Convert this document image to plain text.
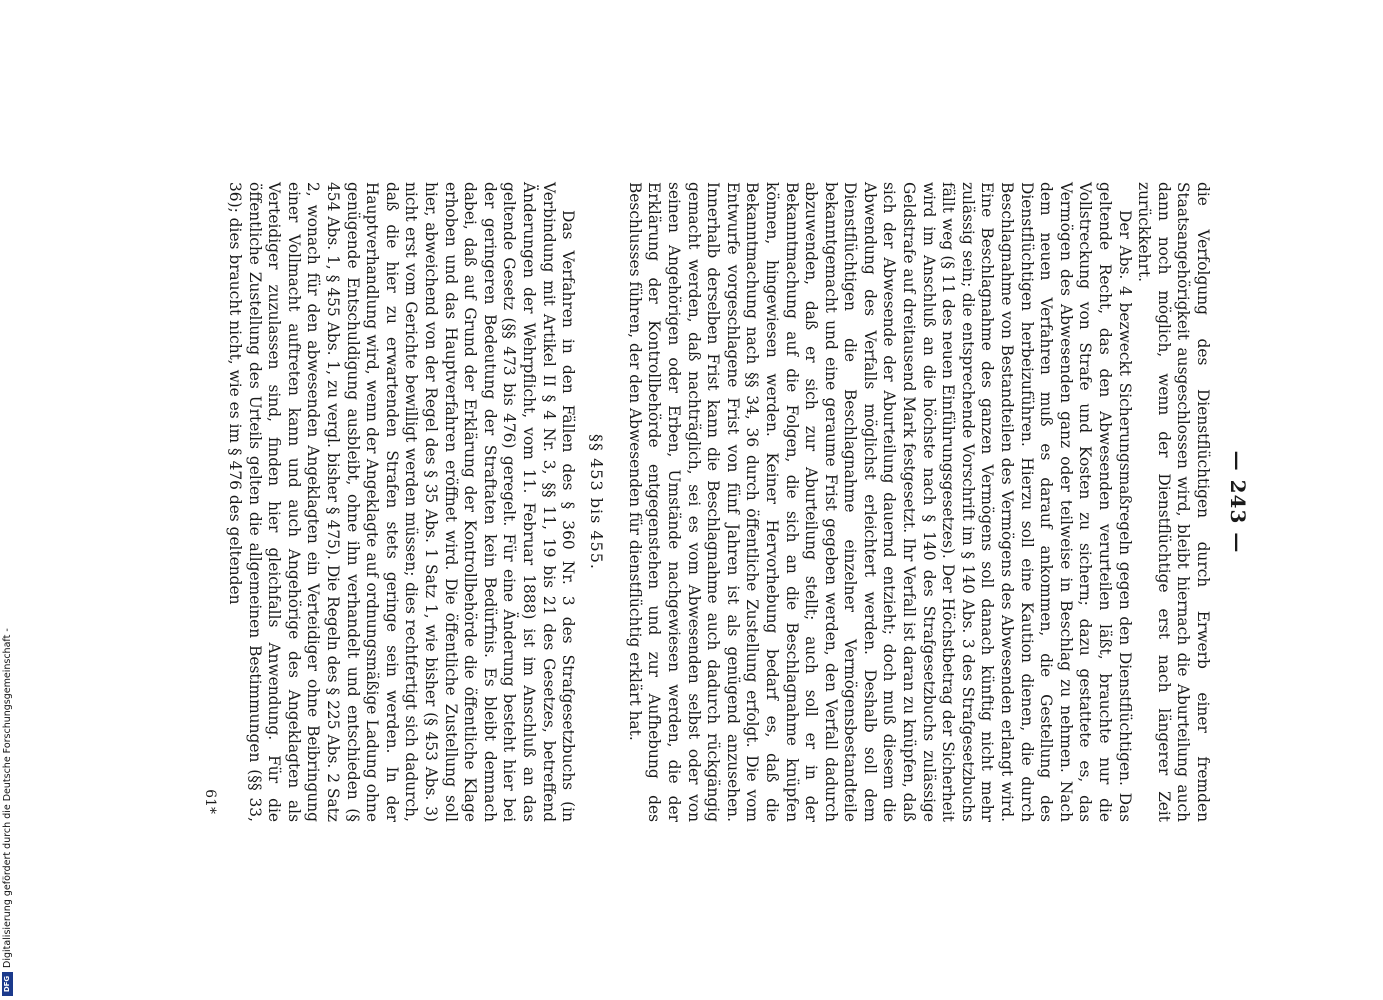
— 243 —

die Verfolgung des Dienstflüchtigen durch Erwerb einer fremden Staatsangehörigkeit ausgeschlossen wird, bleibt hiernach die Aburteilung auch dann noch möglich, wenn der Dienstflüchtige erst nach längerer Zeit zurückkehrt.

Der Abs. 4 bezweckt Sicherungsmaßregeln gegen den Dienstflüchtigen. Das geltende Recht, das den Abwesenden verurteilen läßt, brauchte nur die Vollstreckung von Strafe und Kosten zu sichern; dazu gestattete es, das Vermögen des Abwesenden ganz oder teilweise in Beschlag zu nehmen. Nach dem neuen Verfahren muß es darauf ankommen, die Gestellung des Dienstflüchtigen herbeizuführen. Hierzu soll eine Kaution dienen, die durch Beschlagnahme von Bestandteilen des Vermögens des Abwesenden erlangt wird. Eine Beschlagnahme des ganzen Vermögens soll danach künftig nicht mehr zulässig sein; die entsprechende Vorschrift im § 140 Abs. 3 des Strafgesetzbuchs fällt weg (§ 11 des neuen Einführungsgesetzes). Der Höchstbetrag der Sicherheit wird im Anschluß an die höchste nach § 140 des Strafgesetzbuchs zulässige Geldstrafe auf dreitausend Mark festgesetzt. Ihr Verfall ist daran zu knüpfen, daß sich der Abwesende der Aburteilung dauernd entzieht; doch muß diesem die Abwendung des Verfalls möglichst erleichtert werden. Deshalb soll dem Dienstflüchtigen die Beschlagnahme einzelner Vermögensbestandteile bekanntgemacht und eine geraume Frist gegeben werden, den Verfall dadurch abzuwenden, daß er sich zur Aburteilung stellt; auch soll er in der Bekanntmachung auf die Folgen, die sich an die Beschlagnahme knüpfen können, hingewiesen werden. Keiner Hervorhebung bedarf es, daß die Bekanntmachung nach §§ 34, 36 durch öffentliche Zustellung erfolgt. Die vom Entwurfe vorgeschlagene Frist von fünf Jahren ist als genügend anzusehen. Innerhalb derselben Frist kann die Beschlagnahme auch dadurch rückgängig gemacht werden, daß nachträglich, sei es vom Abwesenden selbst oder von seinen Angehörigen oder Erben, Umstände nachgewiesen werden, die der Erklärung der Kontrollbehörde entgegenstehen und zur Aufhebung des Beschlusses führen, der den Abwesenden für dienstflüchtig erklärt hat.

§§ 453 bis 455.

Das Verfahren in den Fällen des § 360 Nr. 3 des Strafgesetzbuchs (in Verbindung mit Artikel II § 4 Nr. 3, §§ 11, 19 bis 21 des Gesetzes, betreffend Änderungen der Wehrpflicht, vom 11. Februar 1888) ist im Anschluß an das geltende Gesetz (§§ 473 bis 476) geregelt. Für eine Änderung besteht hier bei der geringeren Bedeutung der Straftaten kein Bedürfnis. Es bleibt demnach dabei, daß auf Grund der Erklärung der Kontrollbehörde die öffentliche Klage erhoben und das Hauptverfahren eröffnet wird. Die öffentliche Zustellung soll hier, abweichend von der Regel des § 35 Abs. 1 Satz 1, wie bisher (§ 453 Abs. 3) nicht erst vom Gerichte bewilligt werden müssen; dies rechtfertigt sich dadurch, daß die hier zu erwartenden Strafen stets geringe sein werden. In der Hauptverhandlung wird, wenn der Angeklagte auf ordnungsmäßige Ladung ohne genügende Entschuldigung ausbleibt, ohne ihn verhandelt und entschieden (§ 454 Abs. 1, § 455 Abs. 1, zu vergl. bisher § 475). Die Regeln des § 225 Abs. 2 Satz 2, wonach für den abwesenden Angeklagten ein Verteidiger ohne Beibringung einer Vollmacht auftreten kann und auch Angehörige des Angeklagten als Verteidiger zuzulassen sind, finden hier gleichfalls Anwendung. Für die öffentliche Zustellung des Urteils gelten die allgemeinen Bestimmungen (§§ 33, 36); dies braucht nicht, wie es im § 476 des geltenden

61*
DFG
Digitalisierung gefördert durch die Deutsche Forschungsgemeinschaft -
